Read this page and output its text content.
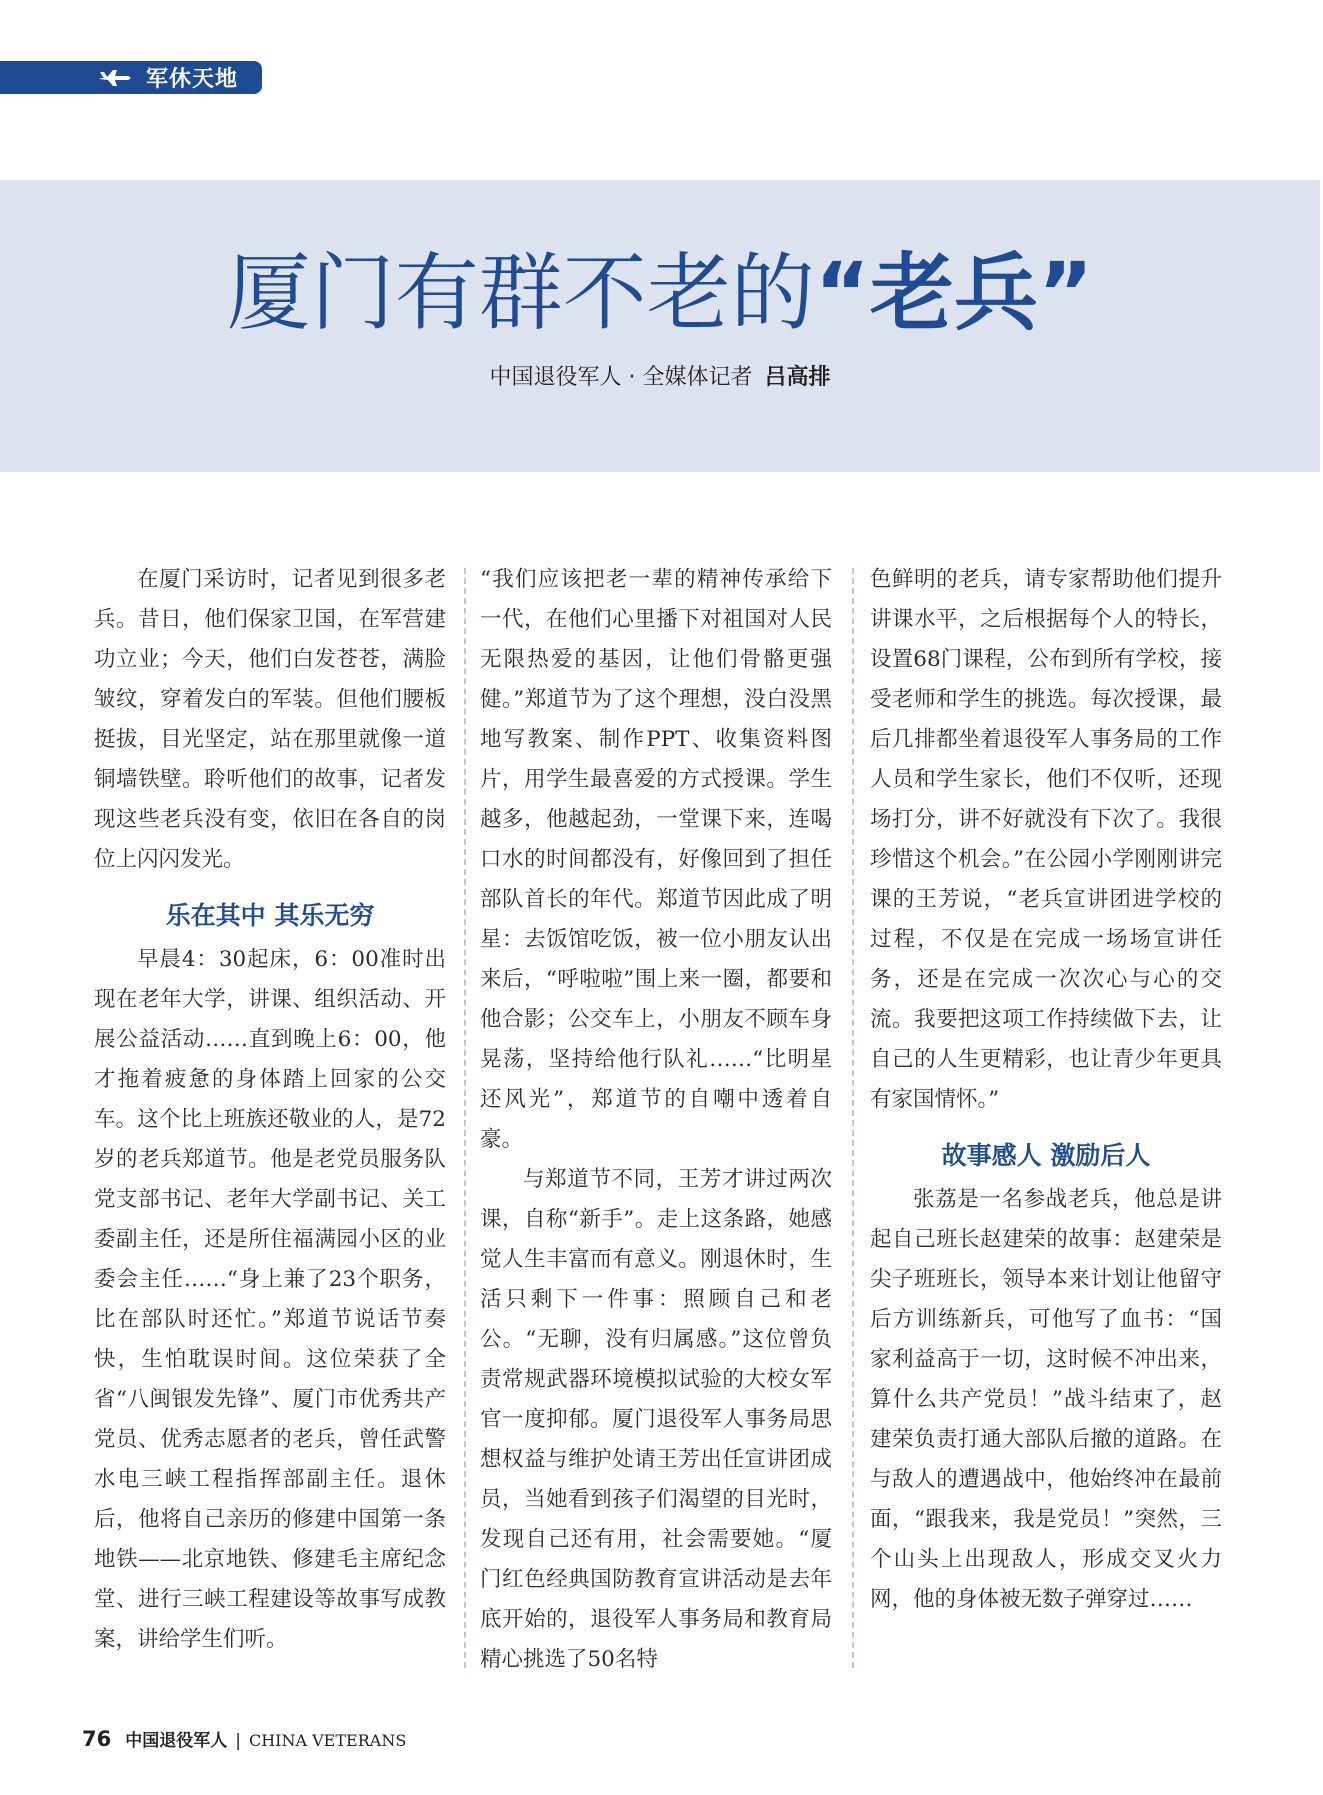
军休天地
厦门有群不老的“老兵”
中国退役军人 · 全媒体记者 吕高排

在厦门采访时，记者见到很多老兵。昔日，他们保家卫国，在军营建功立业；今天，他们白发苍苍，满脸皱纹，穿着发白的军装。但他们腰板挺拔，目光坚定，站在那里就像一道铜墙铁壁。聆听他们的故事，记者发现这些老兵没有变，依旧在各自的岗位上闪闪发光。

乐在其中 其乐无穷

早晨4：30起床，6：00准时出现在老年大学，讲课、组织活动、开展公益活动……直到晚上6：00，他才拖着疲惫的身体踏上回家的公交车。这个比上班族还敬业的人，是72岁的老兵郑道节。他是老党员服务队党支部书记、老年大学副书记、关工委副主任，还是所住福满园小区的业委会主任……“身上兼了23个职务，比在部队时还忙。”郑道节说话节奏快，生怕耽误时间。这位荣获了全省“八闽银发先锋”、厦门市优秀共产党员、优秀志愿者的老兵，曾任武警水电三峡工程指挥部副主任。退休后，他将自己亲历的修建中国第一条地铁——北京地铁、修建毛主席纪念堂、进行三峡工程建设等故事写成教案，讲给学生们听。

“我们应该把老一辈的精神传承给下一代，在他们心里播下对祖国对人民无限热爱的基因，让他们骨骼更强健。”郑道节为了这个理想，没白没黑地写教案、制作PPT、收集资料图片，用学生最喜爱的方式授课。学生越多，他越起劲，一堂课下来，连喝口水的时间都没有，好像回到了担任部队首长的年代。郑道节因此成了明星：去饭馆吃饭，被一位小朋友认出来后，“呼啦啦”围上来一圈，都要和他合影；公交车上，小朋友不顾车身晃荡，坚持给他行队礼……“比明星还风光”，郑道节的自嘲中透着自豪。

与郑道节不同，王芳才讲过两次课，自称“新手”。走上这条路，她感觉人生丰富而有意义。刚退休时，生活只剩下一件事：照顾自己和老公。“无聊，没有归属感。”这位曾负责常规武器环境模拟试验的大校女军官一度抑郁。厦门退役军人事务局思想权益与维护处请王芳出任宣讲团成员，当她看到孩子们渴望的目光时，发现自己还有用，社会需要她。“厦门红色经典国防教育宣讲活动是去年底开始的，退役军人事务局和教育局精心挑选了50名特

色鲜明的老兵，请专家帮助他们提升讲课水平，之后根据每个人的特长，设置68门课程，公布到所有学校，接受老师和学生的挑选。每次授课，最后几排都坐着退役军人事务局的工作人员和学生家长，他们不仅听，还现场打分，讲不好就没有下次了。我很珍惜这个机会。”在公园小学刚刚讲完课的王芳说，“老兵宣讲团进学校的过程，不仅是在完成一场场宣讲任务，还是在完成一次次心与心的交流。我要把这项工作持续做下去，让自己的人生更精彩，也让青少年更具有家国情怀。”

故事感人 激励后人

张荔是一名参战老兵，他总是讲起自己班长赵建荣的故事：赵建荣是尖子班班长，领导本来计划让他留守后方训练新兵，可他写了血书：“国家利益高于一切，这时候不冲出来，算什么共产党员！”战斗结束了，赵建荣负责打通大部队后撤的道路。在与敌人的遭遇战中，他始终冲在最前面，“跟我来，我是党员！”突然，三个山头上出现敌人，形成交叉火力网，他的身体被无数子弹穿过……

76 中国退役军人 | CHINA VETERANS
